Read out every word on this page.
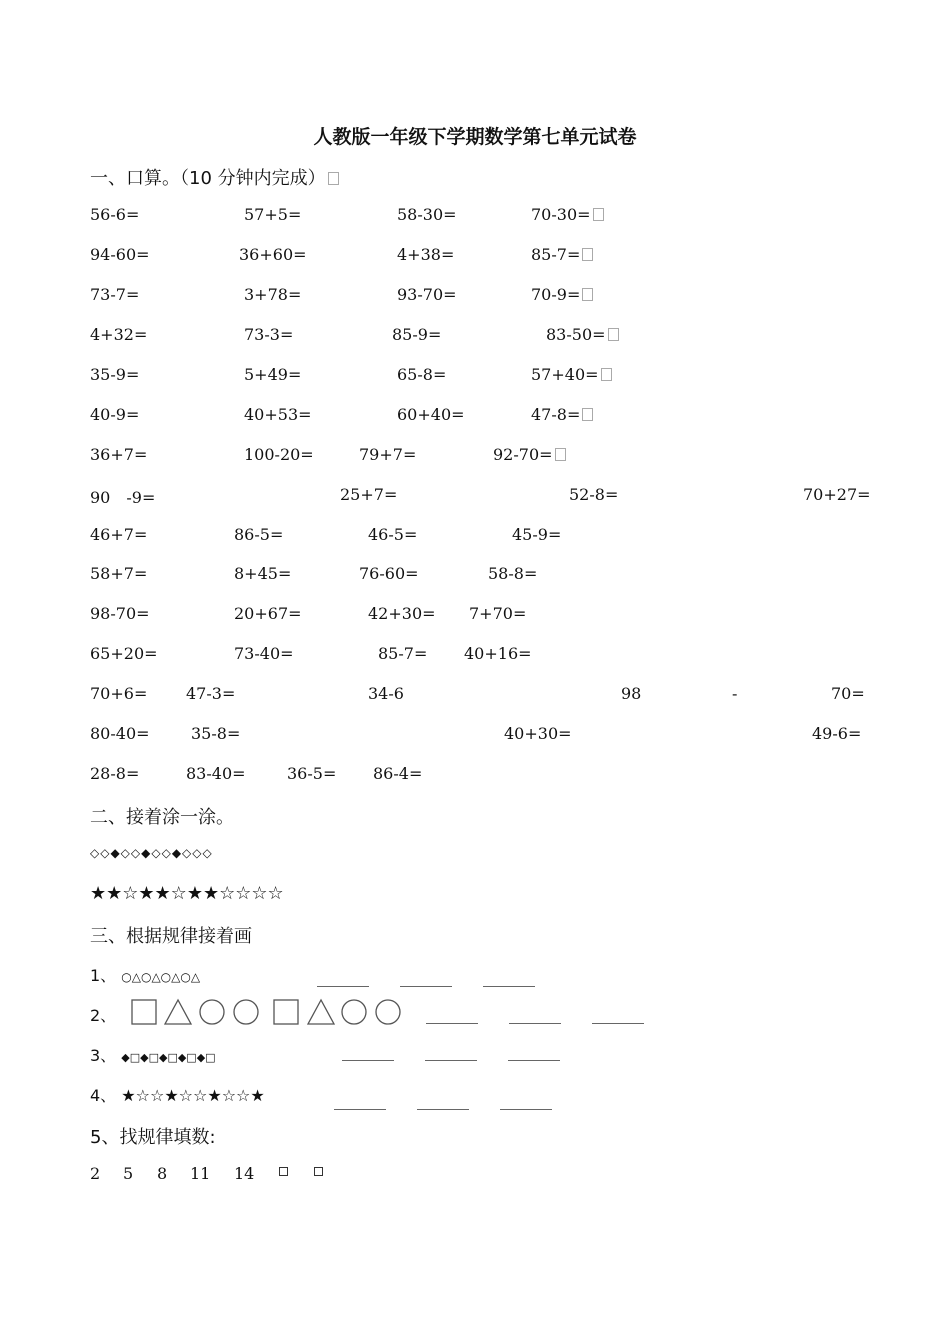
人教版一年级下学期数学第七单元试卷
一、口算。（10 分钟内完成）
56-6=	57+5=	58-30=	70-30=
94-60=	36+60=	4+38=	85-7=
73-7=	3+78=	93-70=	70-9=
4+32=	73-3=	85-9=	83-50=
35-9=	5+49=	65-8=	57+40=
40-9=	40+53=	60+40=	47-8=
36+7=	100-20=	79+7=	92-70=
90　-9=	25+7=	52-8=	70+27=
46+7=	86-5=	46-5=	45-9=
58+7=	8+45=	76-60=	58-8=
98-70=	20+67=	42+30= 7+70=
65+20=	73-40=	85-7= 40+16=
70+6= 47-3=	34-6	98	-	70=
80-40=	35-8=	40+30=	49-6=
28-8=	83-40=	36-5= 86-4=
二、接着涂一涂。
◇◇◆◇◇◆◇◇◆◇◇◇
★★☆★★☆★★☆☆☆☆
三、根据规律接着画
1、 ○△○△○△○△
2、
3、 ◆□◆□◆□◆□◆□
4、 ★☆☆★☆☆★☆☆★
5、找规律填数:
2 5 8 11 14
